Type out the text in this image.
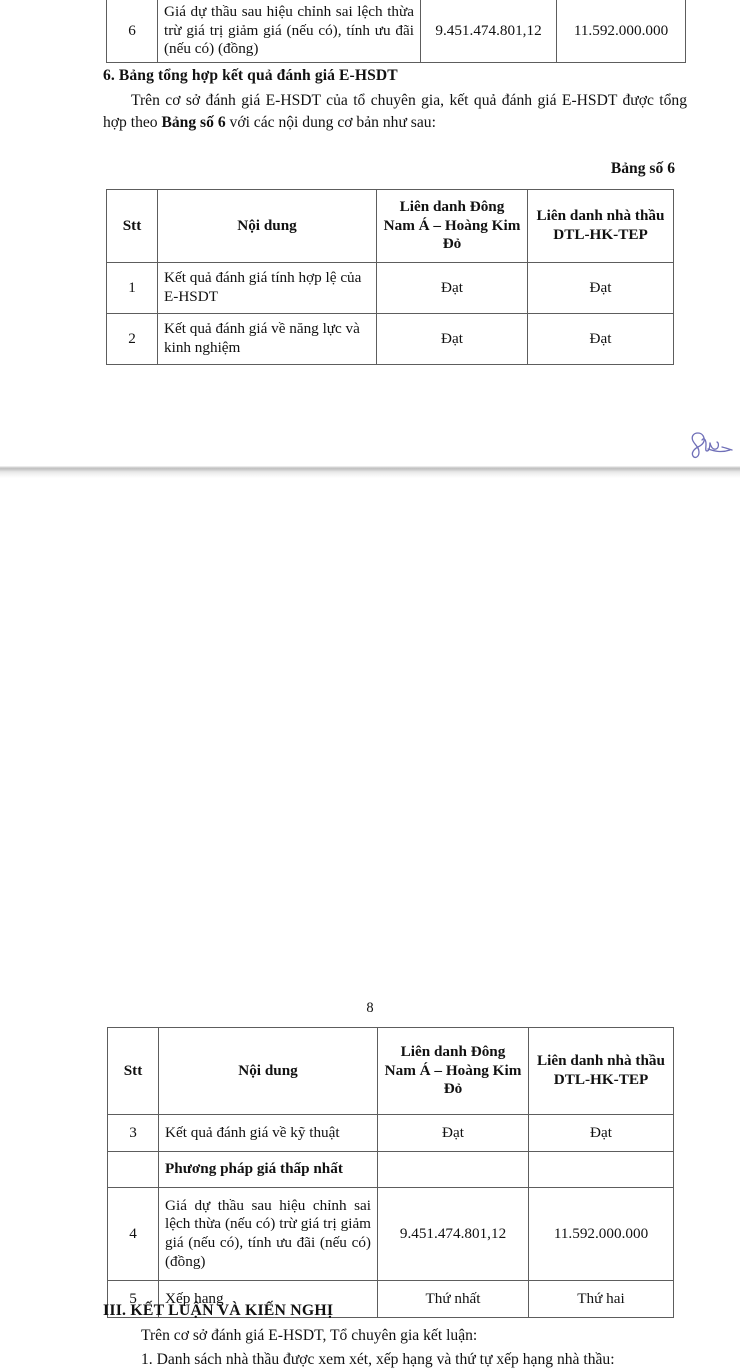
6	Giá dự thầu sau hiệu chỉnh sai lệch thừa trừ giá trị giảm giá (nếu có), tính ưu đãi (nếu có) (đồng)	9.451.474.801,12	11.592.000.000
6. Bảng tổng hợp kết quả đánh giá E-HSDT
Trên cơ sở đánh giá E-HSDT của tổ chuyên gia, kết quả đánh giá E-HSDT được tổng hợp theo Bảng số 6 với các nội dung cơ bản như sau:
Bảng số 6
Stt	Nội dung	Liên danh Đông Nam Á – Hoàng Kim Đỏ	Liên danh nhà thầu DTL-HK-TEP
1	Kết quả đánh giá tính hợp lệ của E-HSDT	Đạt	Đạt
2	Kết quả đánh giá về năng lực và kinh nghiệm	Đạt	Đạt
8
Stt	Nội dung	Liên danh Đông Nam Á – Hoàng Kim Đỏ	Liên danh nhà thầu DTL-HK-TEP
3	Kết quả đánh giá về kỹ thuật	Đạt	Đạt
	Phương pháp giá thấp nhất		
4	Giá dự thầu sau hiệu chỉnh sai lệch thừa (nếu có) trừ giá trị giảm giá (nếu có), tính ưu đãi (nếu có) (đồng)	9.451.474.801,12	11.592.000.000
5	Xếp hạng	Thứ nhất	Thứ hai
III. KẾT LUẬN VÀ KIẾN NGHỊ
Trên cơ sở đánh giá E-HSDT, Tổ chuyên gia kết luận:
1. Danh sách nhà thầu được xem xét, xếp hạng và thứ tự xếp hạng nhà thầu:
